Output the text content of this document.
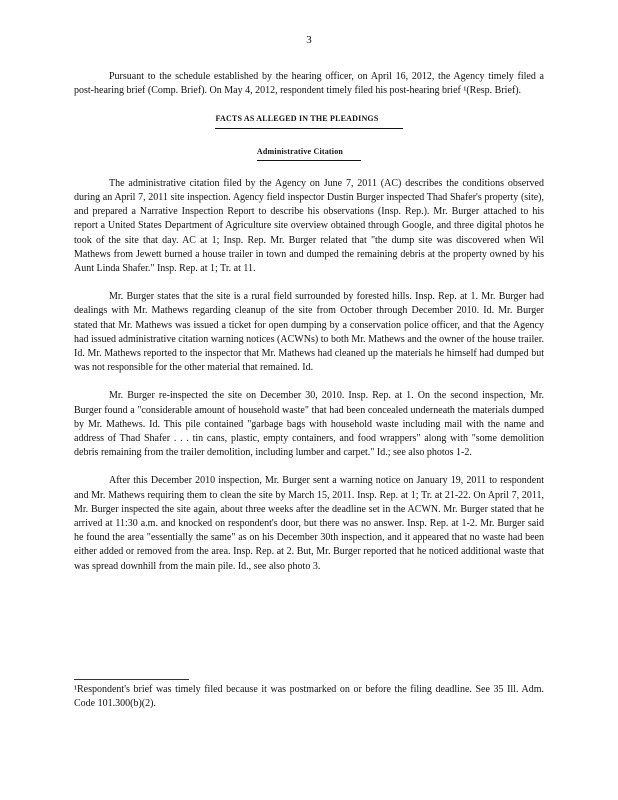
3

Pursuant to the schedule established by the hearing officer, on April 16, 2012, the Agency timely filed a post-hearing brief (Comp. Brief). On May 4, 2012, respondent timely filed his post-hearing brief ¹(Resp. Brief).

FACTS AS ALLEGED IN THE PLEADINGS
Administrative Citation

The administrative citation filed by the Agency on June 7, 2011 (AC) describes the conditions observed during an April 7, 2011 site inspection. Agency field inspector Dustin Burger inspected Thad Shafer's property (site), and prepared a Narrative Inspection Report to describe his observations (Insp. Rep.). Mr. Burger attached to his report a United States Department of Agriculture site overview obtained through Google, and three digital photos he took of the site that day. AC at 1; Insp. Rep. Mr. Burger related that "the dump site was discovered when Wil Mathews from Jewett burned a house trailer in town and dumped the remaining debris at the property owned by his Aunt Linda Shafer." Insp. Rep. at 1; Tr. at 11.

Mr. Burger states that the site is a rural field surrounded by forested hills. Insp. Rep. at 1. Mr. Burger had dealings with Mr. Mathews regarding cleanup of the site from October through December 2010. Id. Mr. Burger stated that Mr. Mathews was issued a ticket for open dumping by a conservation police officer, and that the Agency had issued administrative citation warning notices (ACWNs) to both Mr. Mathews and the owner of the house trailer. Id. Mr. Mathews reported to the inspector that Mr. Mathews had cleaned up the materials he himself had dumped but was not responsible for the other material that remained. Id.

Mr. Burger re-inspected the site on December 30, 2010. Insp. Rep. at 1. On the second inspection, Mr. Burger found a "considerable amount of household waste" that had been concealed underneath the materials dumped by Mr. Mathews. Id. This pile contained "garbage bags with household waste including mail with the name and address of Thad Shafer . . . tin cans, plastic, empty containers, and food wrappers" along with "some demolition debris remaining from the trailer demolition, including lumber and carpet." Id.; see also photos 1-2.

After this December 2010 inspection, Mr. Burger sent a warning notice on January 19, 2011 to respondent and Mr. Mathews requiring them to clean the site by March 15, 2011. Insp. Rep. at 1; Tr. at 21-22. On April 7, 2011, Mr. Burger inspected the site again, about three weeks after the deadline set in the ACWN. Mr. Burger stated that he arrived at 11:30 a.m. and knocked on respondent's door, but there was no answer. Insp. Rep. at 1-2. Mr. Burger said he found the area "essentially the same" as on his December 30th inspection, and it appeared that no waste had been either added or removed from the area. Insp. Rep. at 2. But, Mr. Burger reported that he noticed additional waste that was spread downhill from the main pile. Id., see also photo 3.

¹Respondent's brief was timely filed because it was postmarked on or before the filing deadline. See 35 Ill. Adm. Code 101.300(b)(2).
